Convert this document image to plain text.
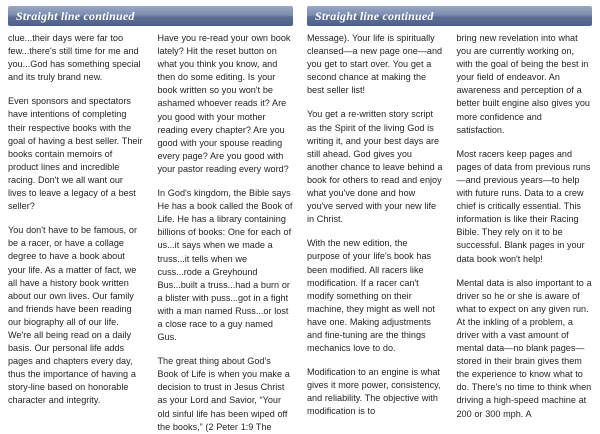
Straight line continued	Straight line continued

clue...their days were far too few...there's still time for me and you...God has something special and its truly brand new.

Even sponsors and spectators have intentions of completing their respective books with the goal of having a best seller. Their books contain memoirs of product lines and incredible racing. Don't we all want our lives to leave a legacy of a best seller?

You don't have to be famous, or be a racer, or have a collage degree to have a book about your life. As a matter of fact, we all have a history book written about our own lives. Our family and friends have been reading our biography all of our life. We're all being read on a daily basis. Our personal life adds pages and chapters every day, thus the importance of having a story-line based on honorable character and integrity.

Have you re-read your own book lately? Hit the reset button on what you think you know, and then do some editing. Is your book written so you won't be ashamed whoever reads it? Are you good with your mother reading every chapter? Are you good with your spouse reading every page? Are you good with your pastor reading every word?

In God's kingdom, the Bible says He has a book called the Book of Life. He has a library containing billions of books: One for each of us...it says when we made a truss...it tells when we cuss...rode a Greyhound Bus...built a truss...had a burn or a blister with puss...got in a fight with a man named Russ...or lost a close race to a guy named Gus.

The great thing about God's Book of Life is when you make a decision to trust in Jesus Christ as your Lord and Savior, “Your old sinful life has been wiped off the books,” (2 Peter 1:9 The

Message). Your life is spiritually cleansed—a new page one—and you get to start over. You get a second chance at making the best seller list!

You get a re-written story script as the Spirit of the living God is writing it, and your best days are still ahead. God gives you another chance to leave behind a book for others to read and enjoy what you've done and how you've served with your new life in Christ.

With the new edition, the purpose of your life's book has been modified. All racers like modification. If a racer can't modify something on their machine, they might as well not have one. Making adjustments and fine-tuning are the things mechanics love to do.

Modification to an engine is what gives it more power, consistency, and reliability. The objective with modification is to

bring new revelation into what you are currently working on, with the goal of being the best in your field of endeavor. An awareness and perception of a better built engine also gives you more confidence and satisfaction.

Most racers keep pages and pages of data from previous runs—and previous years—to help with future runs. Data to a crew chief is critically essential. This information is like their Racing Bible. They rely on it to be successful. Blank pages in your data book won't help!

Mental data is also important to a driver so he or she is aware of what to expect on any given run. At the inkling of a problem, a driver with a vast amount of mental data—no blank pages—stored in their brain gives them the experience to know what to do. There's no time to think when driving a high-speed machine at 200 or 300 mph. A
